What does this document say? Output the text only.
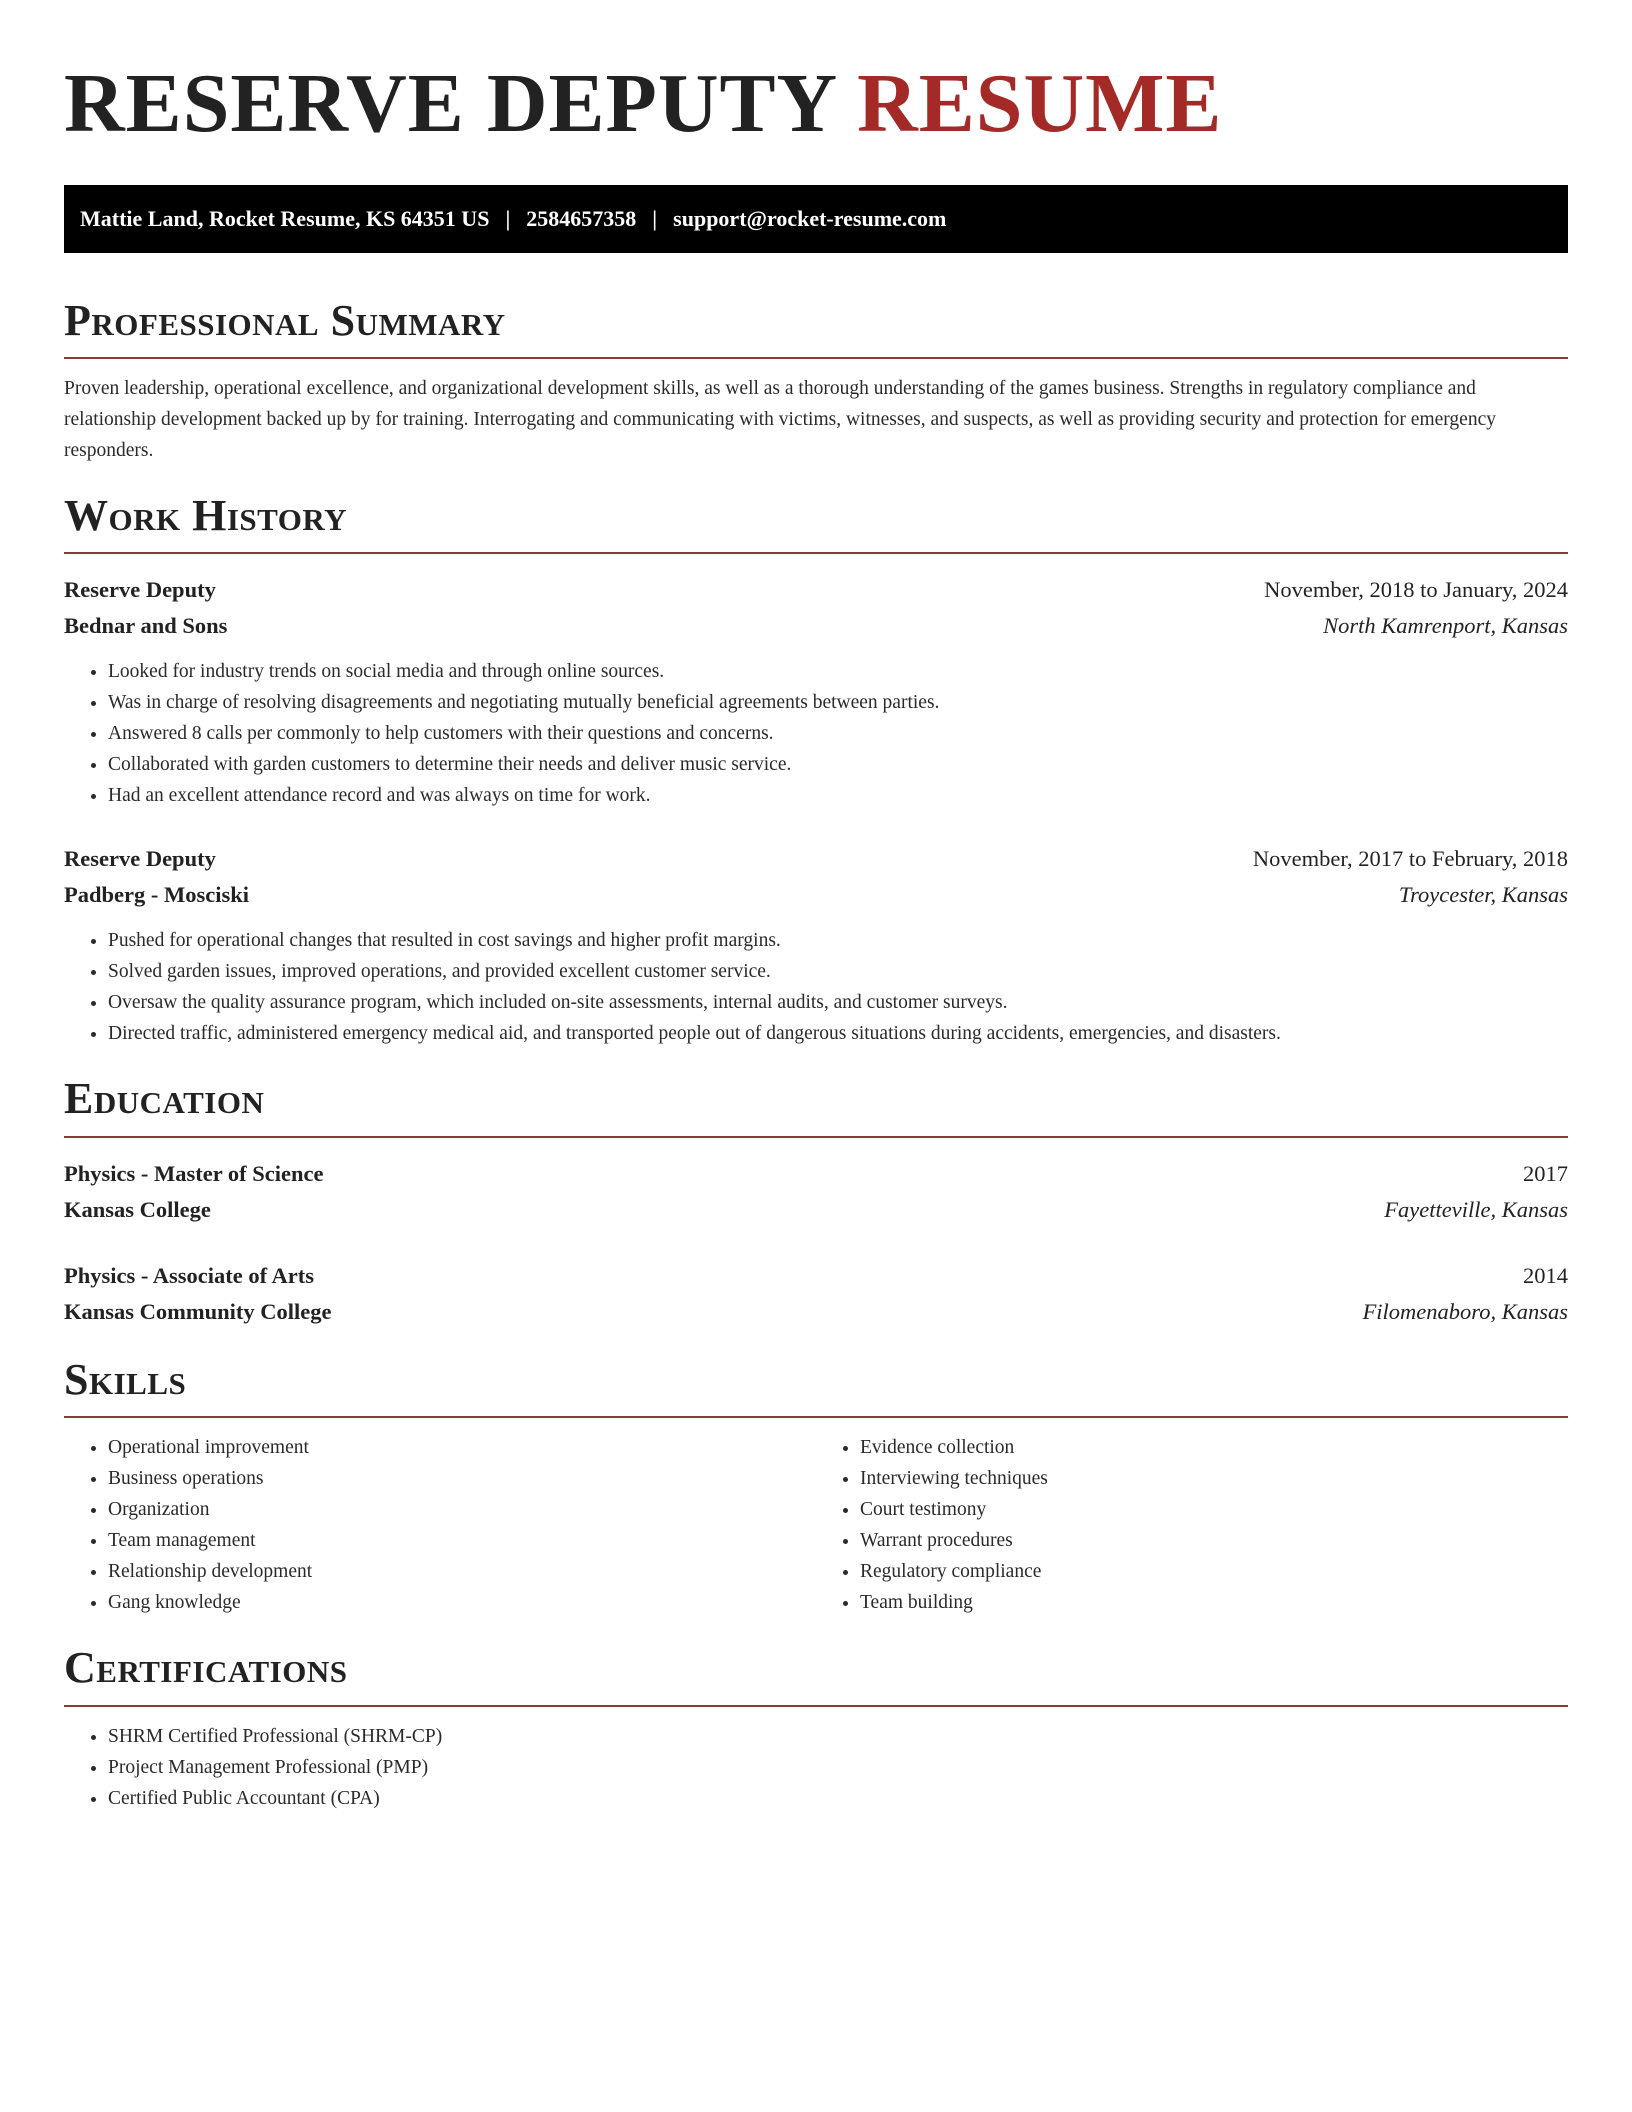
RESERVE DEPUTY RESUME
Mattie Land, Rocket Resume, KS 64351 US | 2584657358 | support@rocket-resume.com
Professional Summary

Proven leadership, operational excellence, and organizational development skills, as well as a thorough understanding of the games business. Strengths in regulatory compliance and relationship development backed up by for training. Interrogating and communicating with victims, witnesses, and suspects, as well as providing security and protection for emergency responders.

Work History
Reserve Deputy	November, 2018 to January, 2024
Bednar and Sons	North Kamrenport, Kansas
• Looked for industry trends on social media and through online sources.
• Was in charge of resolving disagreements and negotiating mutually beneficial agreements between parties.
• Answered 8 calls per commonly to help customers with their questions and concerns.
• Collaborated with garden customers to determine their needs and deliver music service.
• Had an excellent attendance record and was always on time for work.
Reserve Deputy	November, 2017 to February, 2018
Padberg - Mosciski	Troycester, Kansas
• Pushed for operational changes that resulted in cost savings and higher profit margins.
• Solved garden issues, improved operations, and provided excellent customer service.
• Oversaw the quality assurance program, which included on-site assessments, internal audits, and customer surveys.
• Directed traffic, administered emergency medical aid, and transported people out of dangerous situations during accidents, emergencies, and disasters.
Education
Physics - Master of Science	2017
Kansas College	Fayetteville, Kansas
Physics - Associate of Arts	2014
Kansas Community College	Filomenaboro, Kansas
Skills
• Operational improvement
• Business operations
• Organization
• Team management
• Relationship development
• Gang knowledge
• Evidence collection
• Interviewing techniques
• Court testimony
• Warrant procedures
• Regulatory compliance
• Team building
Certifications
• SHRM Certified Professional (SHRM-CP)
• Project Management Professional (PMP)
• Certified Public Accountant (CPA)
